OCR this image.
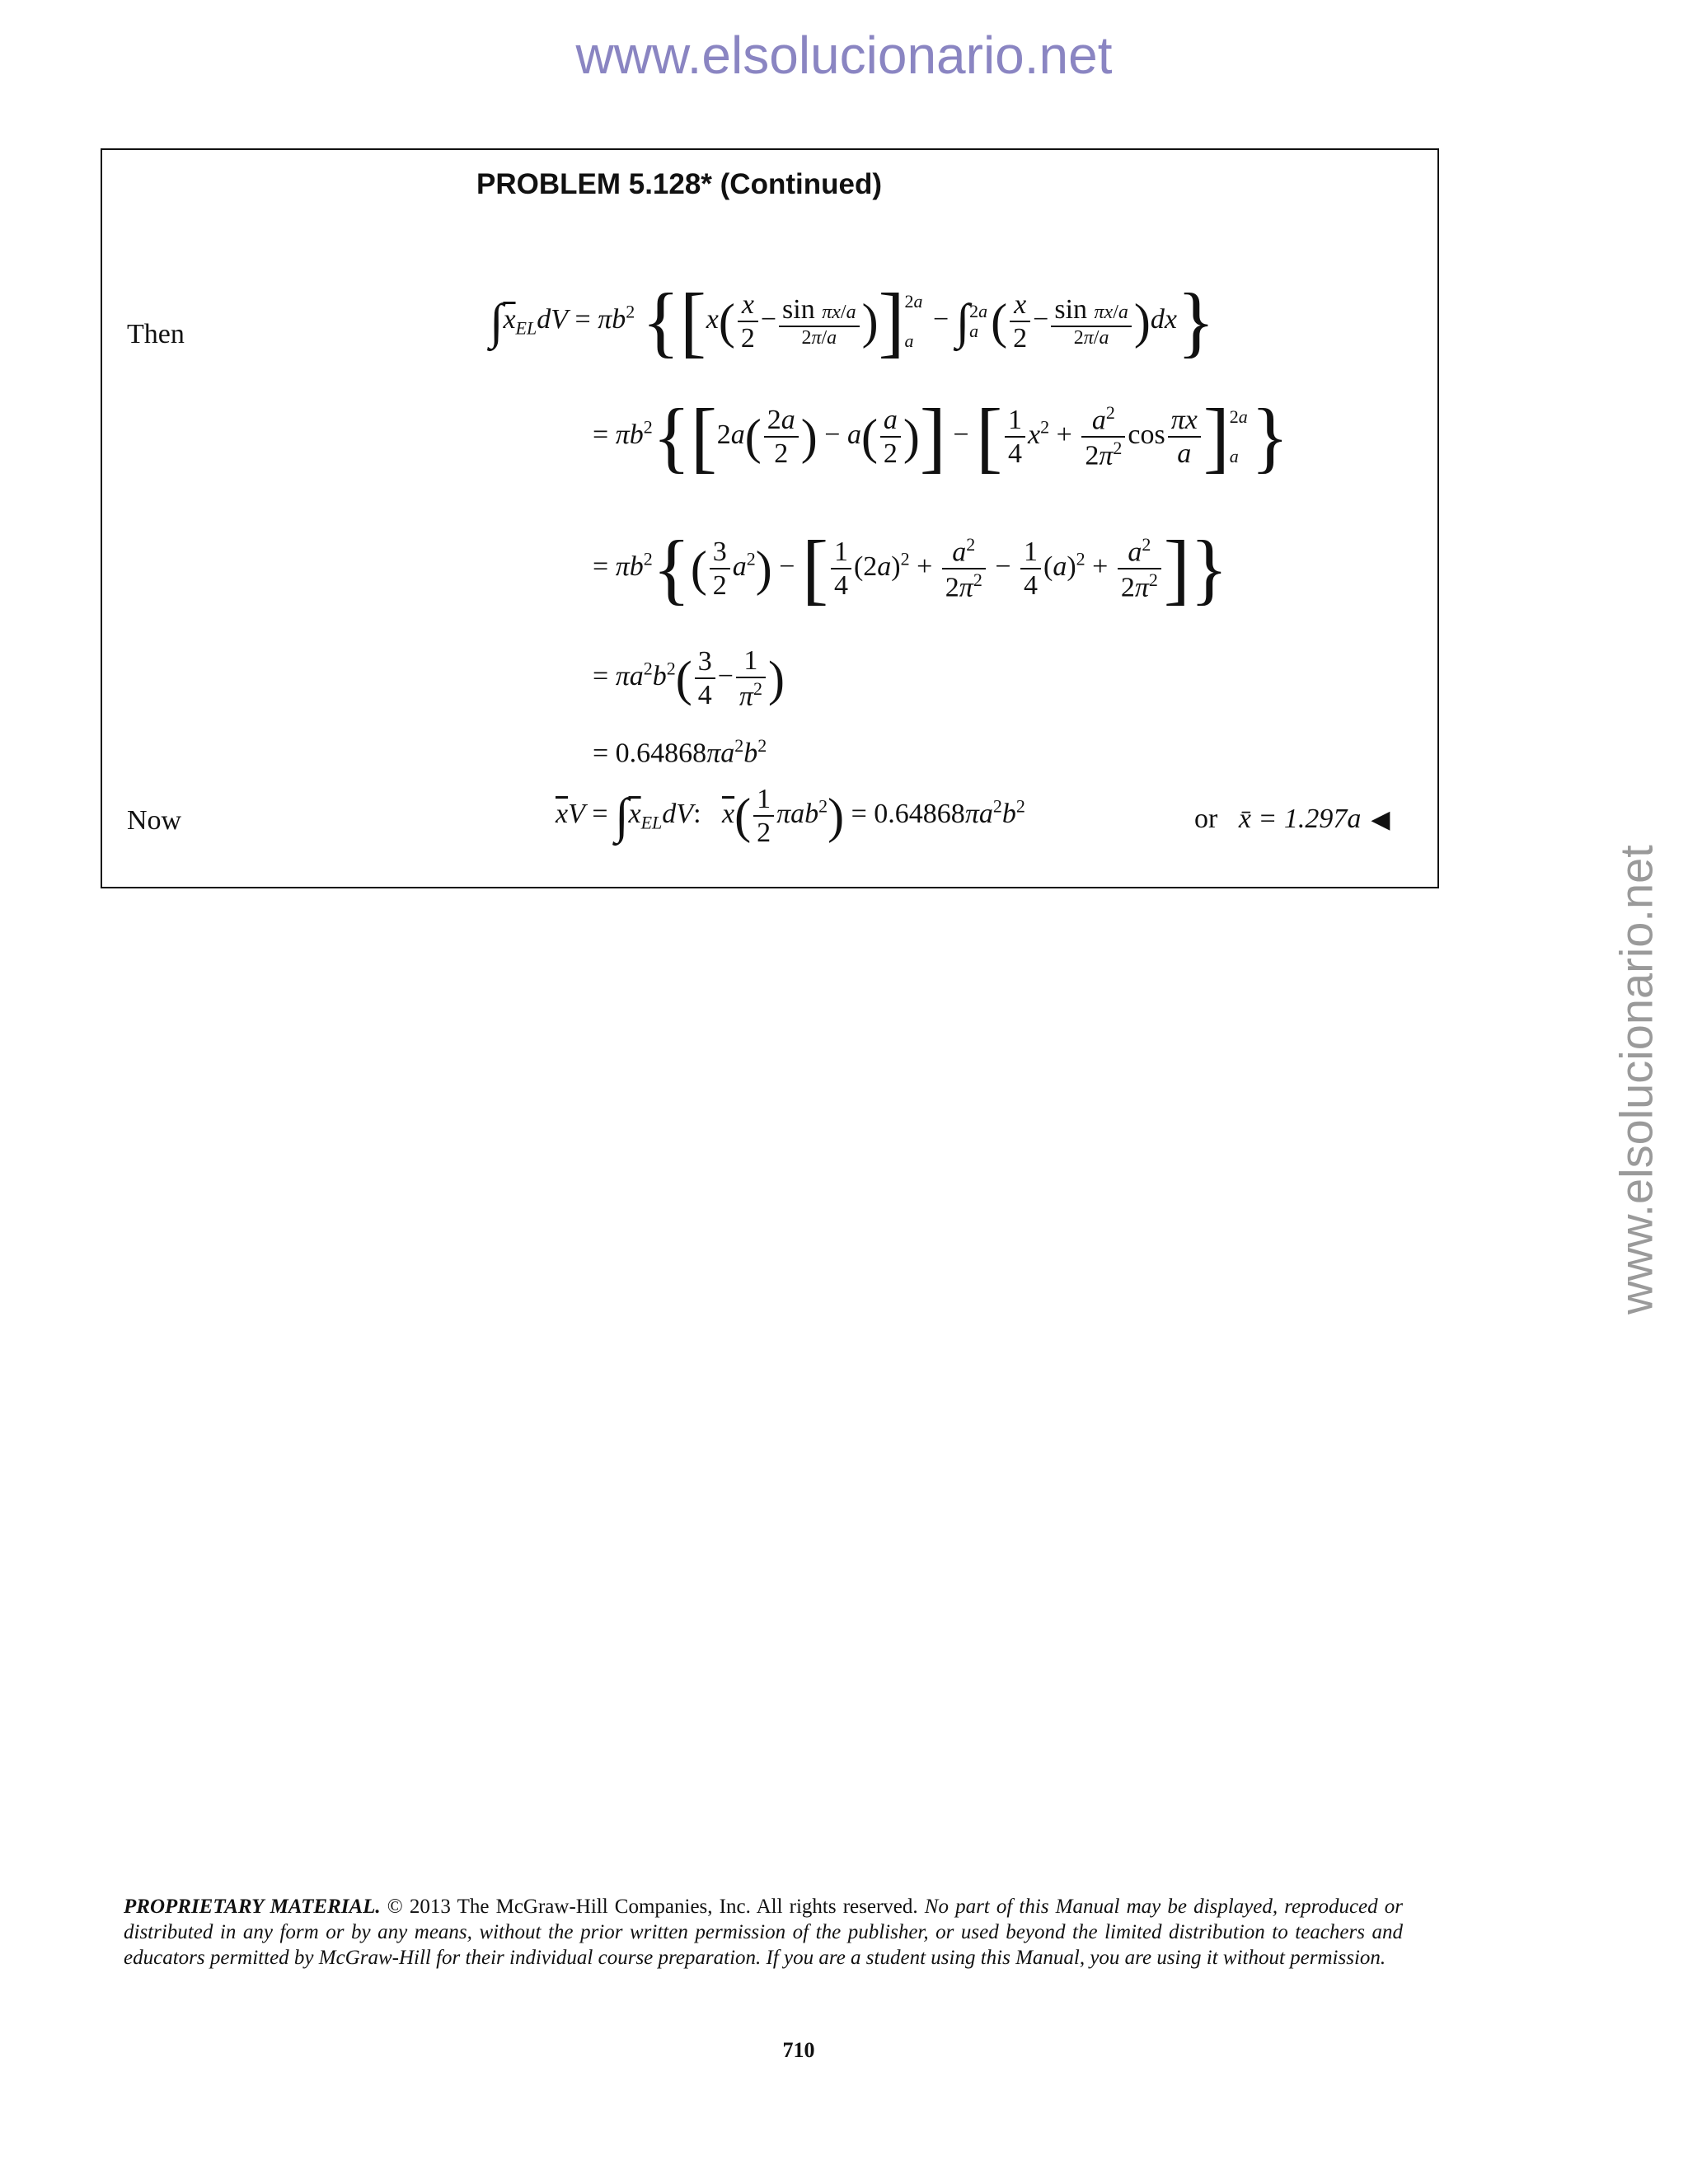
www.elsolucionario.net
www.elsolucionario.net
PROBLEM 5.128* (Continued)
Then	$\int\overline{x}_{EL}dV = \pi b^2$ {[$x( \frac{x}{2} - \frac{\text{sin πx/a}}{2\pi/a}$ )] 2a

a
− ∫ 2a
a ( $\frac{x}{2} - \frac{\text{sin πx/a}}{2\pi/a} )dx$}
= $\pi b^2\{[2a( \frac{2a}{2}$ ) − $a( \frac{a}{2}$ )] − [ $\frac{1}{4} x^2 + \frac{a^2}{2\pi^2}$ $\cos \frac{\pi x}{a}$ ] 2a

a }
= $\pi b^2\{( \frac{3}{2} a^2)$ − [ $\frac{1}{4} (2a)^2 + \frac{a^2}{2\pi^2} - \frac{1}{4} (a)^2 + \frac{a^2}{2\pi^2}$ ]}
= $\pi a^2b^2( \frac{3}{4} - \frac{1}{\pi^2}$ )
= $0.64868\pi a^2b^2$
Now	$\overline{x}V = \int\overline{x}_{EL}dV$:   $\overline{x}( \frac{1}{2} \pi ab^2) = 0.64868\pi a^2b^2$	or x̄ = 1.297a ◀
PROPRIETARY MATERIAL. © 2013 The McGraw-Hill Companies, Inc. All rights reserved. No part of this Manual may be displayed, reproduced or distributed in any form or by any means, without the prior written permission of the publisher, or used beyond the limited distribution to teachers and educators permitted by McGraw-Hill for their individual course preparation. If you are a student using this Manual, you are using it without permission.
710
